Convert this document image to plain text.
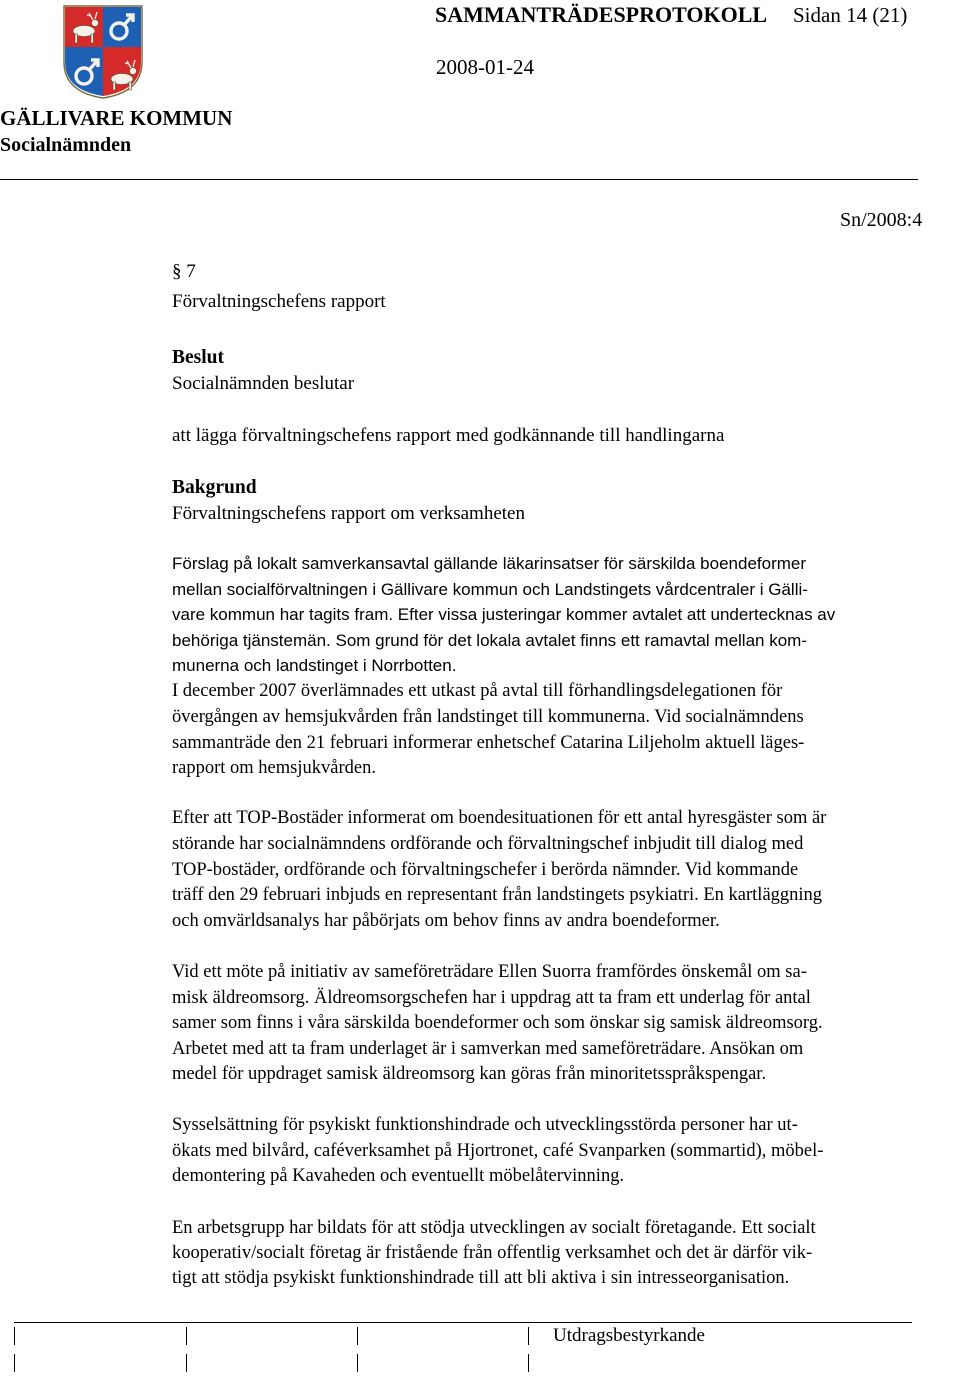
SAMMANTRÄDESPROTOKOLL Sidan 14 (21)
2008-01-24
GÄLLIVARE KOMMUN
Socialnämnden
Sn/2008:4
§ 7
Förvaltningschefens rapport
Beslut
Socialnämnden beslutar
att lägga förvaltningschefens rapport med godkännande till handlingarna
Bakgrund
Förvaltningschefens rapport om verksamheten
Förslag på lokalt samverkansavtal gällande läkarinsatser för särskilda boendeformer
mellan socialförvaltningen i Gällivare kommun och Landstingets vårdcentraler i Gälli-
vare kommun har tagits fram. Efter vissa justeringar kommer avtalet att undertecknas av
behöriga tjänstemän. Som grund för det lokala avtalet finns ett ramavtal mellan kom-
munerna och landstinget i Norrbotten.
I december 2007 överlämnades ett utkast på avtal till förhandlingsdelegationen för
övergången av hemsjukvården från landstinget till kommunerna. Vid socialnämndens
sammanträde den 21 februari informerar enhetschef Catarina Liljeholm aktuell läges-
rapport om hemsjukvården.
Efter att TOP-Bostäder informerat om boendesituationen för ett antal hyresgäster som är
störande har socialnämndens ordförande och förvaltningschef inbjudit till dialog med
TOP-bostäder, ordförande och förvaltningschefer i berörda nämnder. Vid kommande
träff den 29 februari inbjuds en representant från landstingets psykiatri. En kartläggning
och omvärldsanalys har påbörjats om behov finns av andra boendeformer.
Vid ett möte på initiativ av sameföreträdare Ellen Suorra framfördes önskemål om sa-
misk äldreomsorg. Äldreomsorgschefen har i uppdrag att ta fram ett underlag för antal
samer som finns i våra särskilda boendeformer och som önskar sig samisk äldreomsorg.
Arbetet med att ta fram underlaget är i samverkan med sameföreträdare. Ansökan om
medel för uppdraget samisk äldreomsorg kan göras från minoritetsspråkspengar.
Sysselsättning för psykiskt funktionshindrade och utvecklingsstörda personer har ut-
ökats med bilvård, caféverksamhet på Hjortronet, café Svanparken (sommartid), möbel-
demontering på Kavaheden och eventuellt möbelåtervinning.
En arbetsgrupp har bildats för att stödja utvecklingen av socialt företagande. Ett socialt
kooperativ/socialt företag är fristående från offentlig verksamhet och det är därför vik-
tigt att stödja psykiskt funktionshindrade till att bli aktiva i sin intresseorganisation.
Utdragsbestyrkande
